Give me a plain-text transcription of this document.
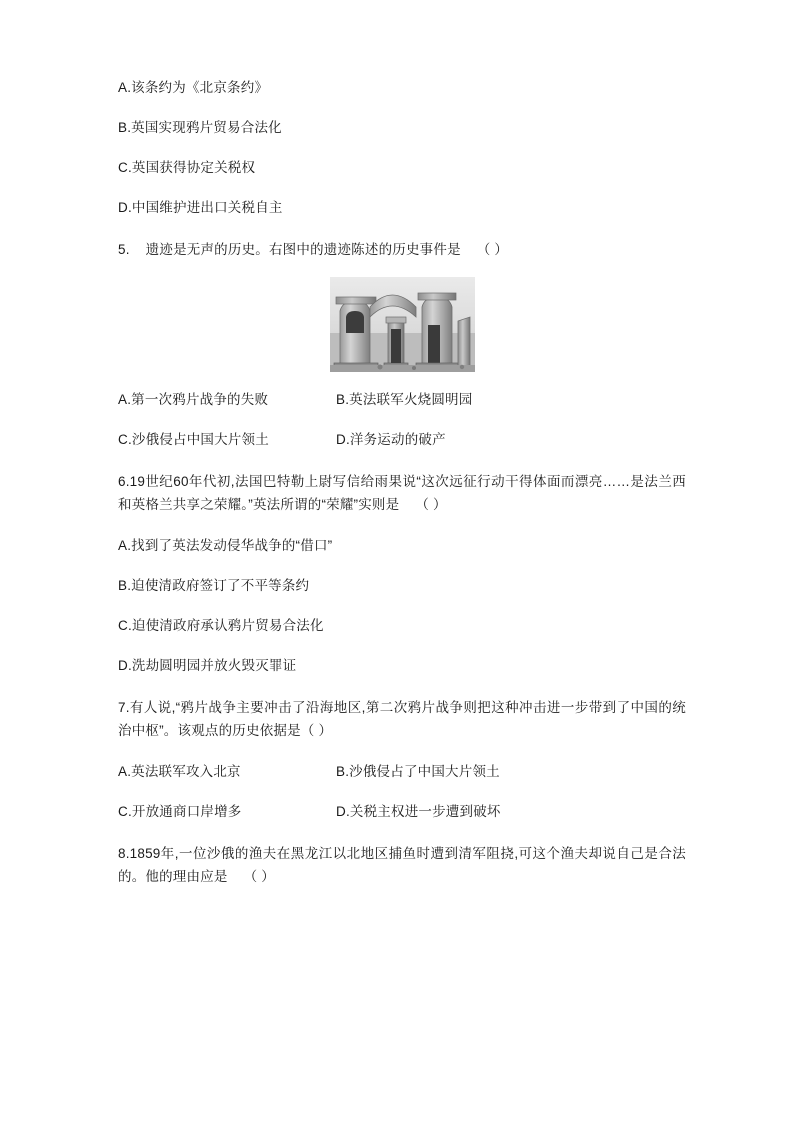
A.该条约为《北京条约》

B.英国实现鸦片贸易合法化

C.英国获得协定关税权

D.中国维护进出口关税自主

5. 遗迹是无声的历史。右图中的遗迹陈述的历史事件是 （ ）

A.第一次鸦片战争的失败	B.英法联军火烧圆明园
C.沙俄侵占中国大片领土	D.洋务运动的破产

6.19世纪60年代初,法国巴特勒上尉写信给雨果说“这次远征行动干得体面而漂亮……是法兰西和英格兰共享之荣耀。”英法所谓的“荣耀”实则是 （ ）

A.找到了英法发动侵华战争的“借口”

B.迫使清政府签订了不平等条约

C.迫使清政府承认鸦片贸易合法化

D.洗劫圆明园并放火毁灭罪证

7.有人说,“鸦片战争主要冲击了沿海地区,第二次鸦片战争则把这种冲击进一步带到了中国的统治中枢”。该观点的历史依据是（ ）

A.英法联军攻入北京	B.沙俄侵占了中国大片领土
C.开放通商口岸增多	D.关税主权进一步遭到破坏

8.1859年,一位沙俄的渔夫在黑龙江以北地区捕鱼时遭到清军阻挠,可这个渔夫却说自己是合法的。他的理由应是 （ ）
